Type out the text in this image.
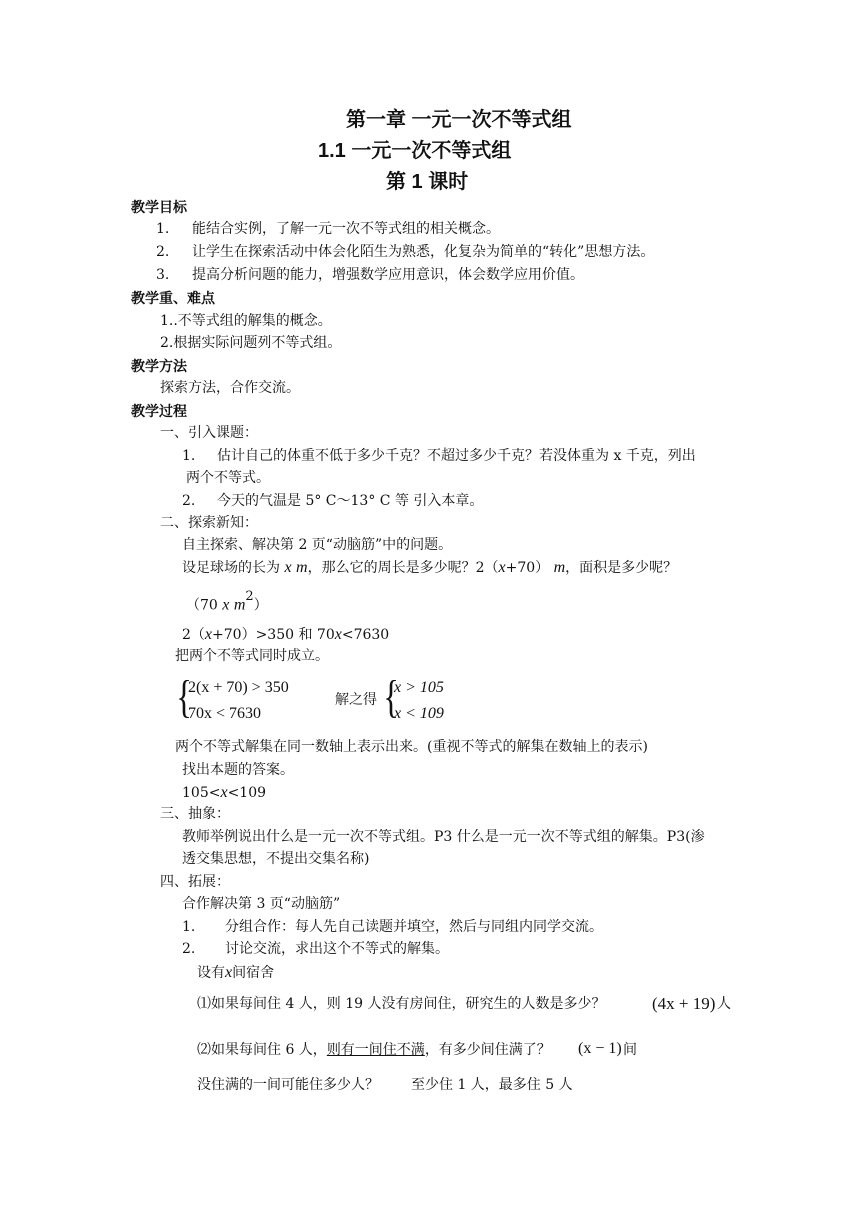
第一章 一元一次不等式组
1.1 一元一次不等式组
第 1 课时
教学目标
1. 能结合实例，了解一元一次不等式组的相关概念。
2. 让学生在探索活动中体会化陌生为熟悉，化复杂为简单的“转化”思想方法。
3. 提高分析问题的能力，增强数学应用意识，体会数学应用价值。
教学重、难点
1..不等式组的解集的概念。
2.根据实际问题列不等式组。
教学方法
探索方法，合作交流。
教学过程
一、引入课题：
1. 估计自己的体重不低于多少千克？不超过多少千克？若没体重为 x 千克，列出
两个不等式。
2. 今天的气温是 5° C～13° C 等 引入本章。
二、探索新知：
自主探索、解决第 2 页“动脑筋”中的问题。
设足球场的长为 x m，那么它的周长是多少呢？2（x+70） m，面积是多少呢？
（70 x $m^2$）
2（x+70）>350 和 70x<7630
把两个不等式同时成立。
{
2(x + 70) > 350
70x < 7630
解之得 {
x > 105
x < 109
两个不等式解集在同一数轴上表示出来。(重视不等式的解集在数轴上的表示)
找出本题的答案。
105<x<109
三、抽象：
教师举例说出什么是一元一次不等式组。P3 什么是一元一次不等式组的解集。P3(渗
透交集思想，不提出交集名称)
四、拓展：
合作解决第 3 页“动脑筋”
1. 分组合作：每人先自己读题并填空，然后与同组内同学交流。
2. 讨论交流，求出这个不等式的解集。
设有x间宿舍
⑴如果每间住 4 人，则 19 人没有房间住，研究生的人数是多少？	(4x + 19) 人
⑵如果每间住 6 人，则有一间住不满，有多少间住满了？ (x − 1) 间
没住满的一间可能住多少人？ 至少住 1 人，最多住 5 人
